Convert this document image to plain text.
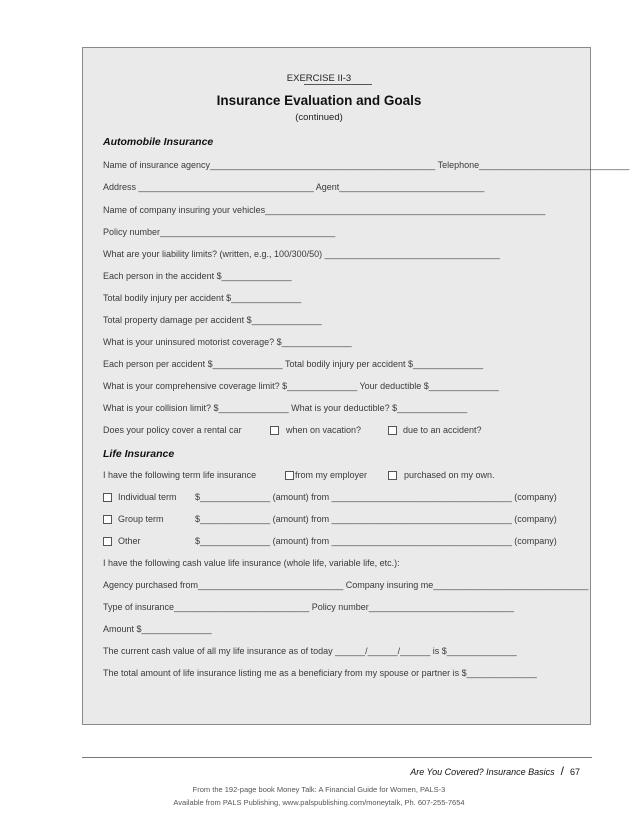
EXERCISE II-3
Insurance Evaluation and Goals
(continued)
Automobile Insurance
Name of insurance agency_____________________________________________ Telephone______________________________
Address ___________________________________ Agent_____________________________
Name of company insuring your vehicles________________________________________________________
Policy number___________________________________
What are your liability limits? (written, e.g., 100/300/50) ___________________________________
Each person in the accident $______________
Total bodily injury per accident $______________
Total property damage per accident $______________
What is your uninsured motorist coverage? $______________
Each person per accident $______________ Total bodily injury per accident $______________
What is your comprehensive coverage limit? $______________ Your deductible $______________
What is your collision limit? $______________ What is your deductible? $______________
Does your policy cover a rental car	when on vacation?	due to an accident?
Life Insurance
I have the following term life insurance	from my employer	purchased on my own.
Individual term $______________ (amount) from ____________________________________ (company)
Group term	$______________ (amount) from ____________________________________ (company)
Other	$______________ (amount) from ____________________________________ (company)
I have the following cash value life insurance (whole life, variable life, etc.):
Agency purchased from_____________________________ Company insuring me_______________________________
Type of insurance___________________________ Policy number_____________________________
Amount $______________
The current cash value of all my life insurance as of today ______/______/______ is $______________
The total amount of life insurance listing me as a beneficiary from my spouse or partner is $______________
Are You Covered? Insurance Basics / 67
From the 192-page book Money Talk: A Financial Guide for Women, PALS-3
Available from PALS Publishing, www.palspublishing.com/moneytalk, Ph. 607-255-7654
